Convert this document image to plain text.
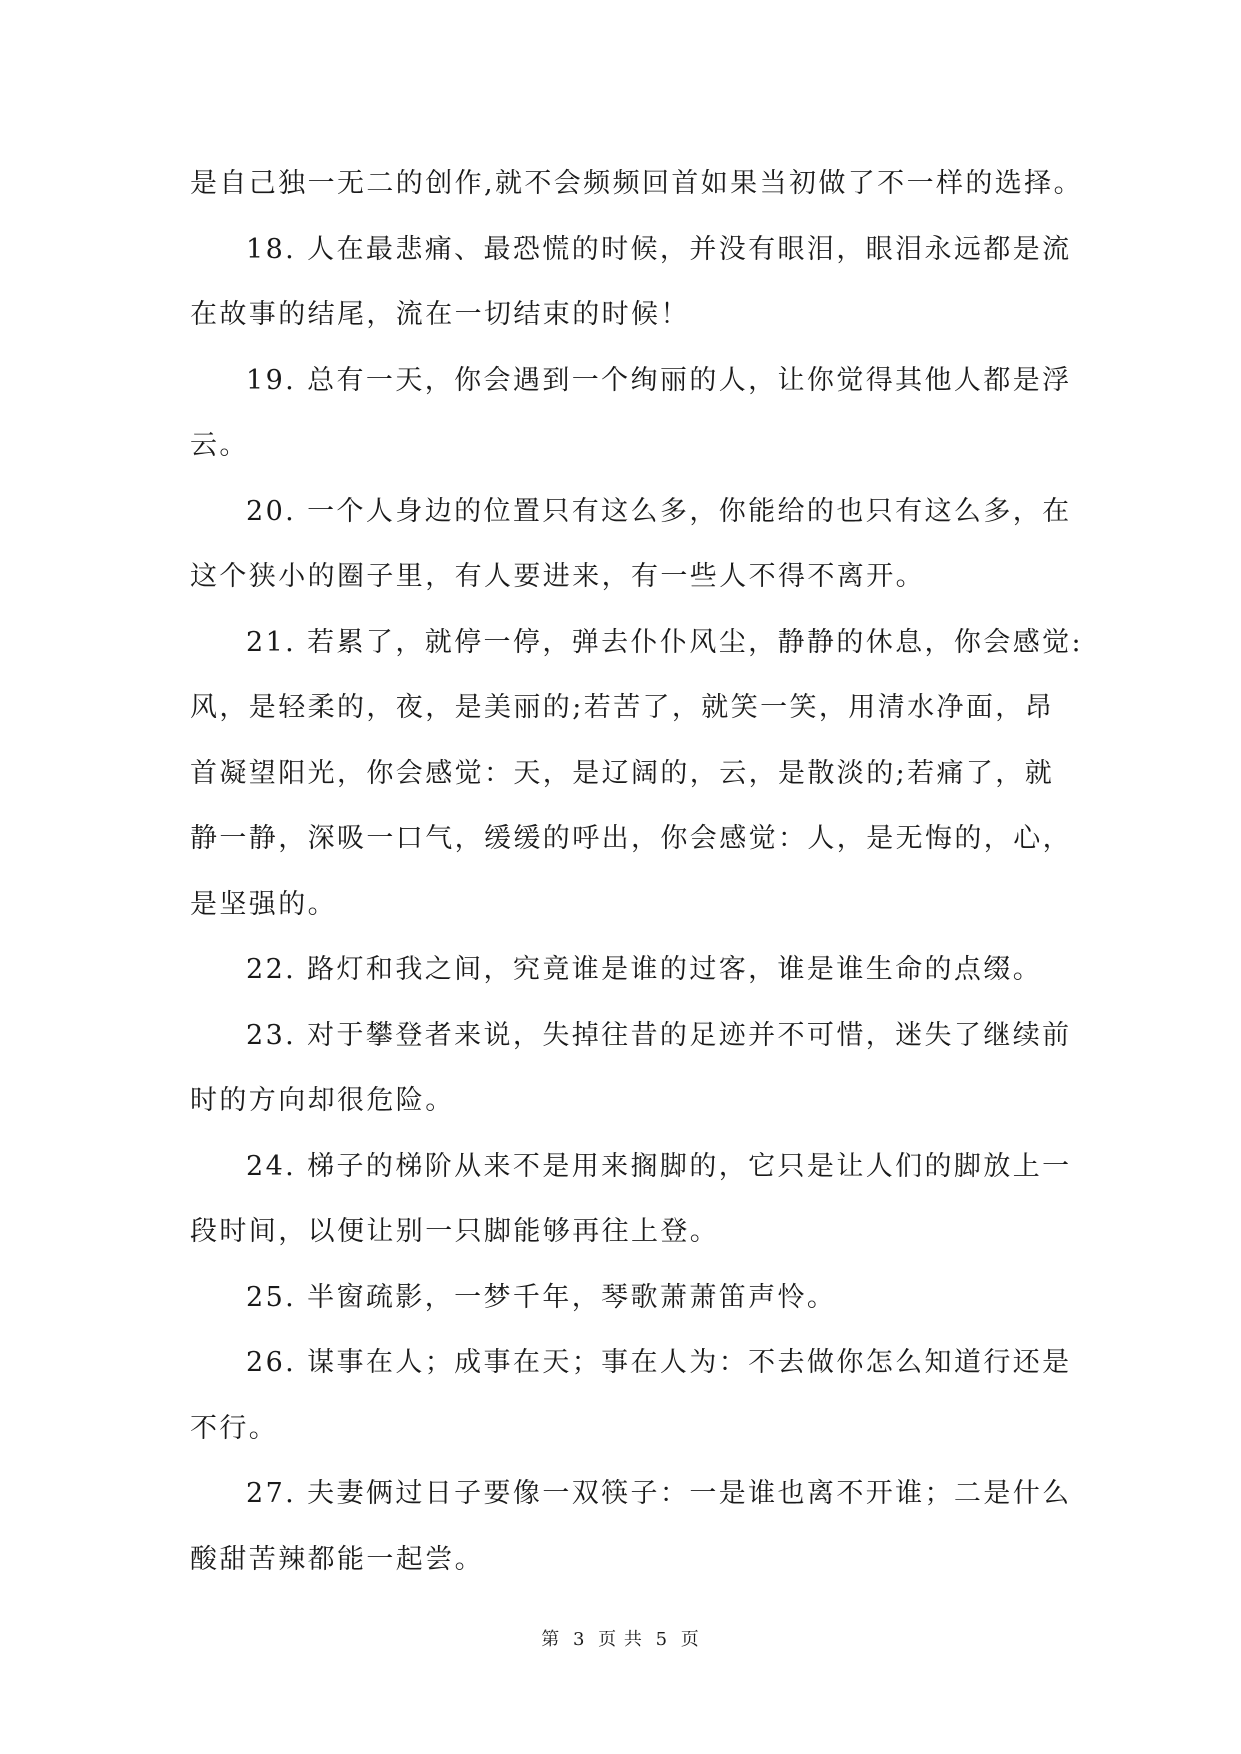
是自己独一无二的创作,就不会频频回首如果当初做了不一样的选择。
18. 人在最悲痛、最恐慌的时候，并没有眼泪，眼泪永远都是流
在故事的结尾，流在一切结束的时候！
19. 总有一天，你会遇到一个绚丽的人，让你觉得其他人都是浮
云。
20. 一个人身边的位置只有这么多，你能给的也只有这么多，在
这个狭小的圈子里，有人要进来，有一些人不得不离开。
21. 若累了，就停一停，弹去仆仆风尘，静静的休息，你会感觉:
风，是轻柔的，夜，是美丽的;若苦了，就笑一笑，用清水净面，昂
首凝望阳光，你会感觉：天，是辽阔的，云，是散淡的;若痛了，就
静一静，深吸一口气，缓缓的呼出，你会感觉：人，是无悔的，心，
是坚强的。
22. 路灯和我之间，究竟谁是谁的过客，谁是谁生命的点缀。
23. 对于攀登者来说，失掉往昔的足迹并不可惜，迷失了继续前
时的方向却很危险。
24. 梯子的梯阶从来不是用来搁脚的，它只是让人们的脚放上一
段时间，以便让别一只脚能够再往上登。
25. 半窗疏影，一梦千年，琴歌萧萧笛声怜。
26. 谋事在人；成事在天；事在人为：不去做你怎么知道行还是
不行。
27. 夫妻俩过日子要像一双筷子：一是谁也离不开谁；二是什么
酸甜苦辣都能一起尝。
第 3 页 共 5 页
